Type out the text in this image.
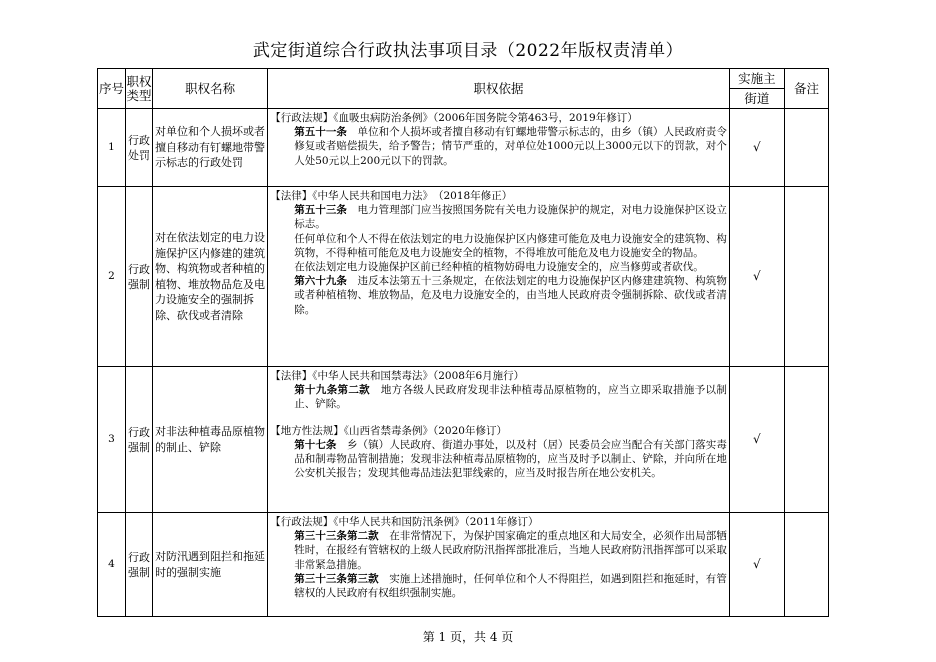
武定街道综合行政执法事项目录（2022年版权责清单）
序号	职权类型	职权名称	职权依据	实施主	备注
				街道	
1	行政处罚	对单位和个人损坏或者擅自移动有钉螺地带警示标志的行政处罚	【行政法规】《血吸虫病防治条例》（2006年国务院令第463号，2019年修订）

第五十一条　单位和个人损坏或者擅自移动有钉螺地带警示标志的，由乡（镇）人民政府责令修复或者赔偿损失，给予警告；情节严重的，对单位处1000元以上3000元以下的罚款，对个人处50元以上200元以下的罚款。	√	
2	行政强制	对在依法划定的电力设施保护区内修建的建筑物、构筑物或者种植的植物、堆放物品危及电力设施安全的强制拆除、砍伐或者清除	【法律】《中华人民共和国电力法》　（2018年修正）

第五十三条　电力管理部门应当按照国务院有关电力设施保护的规定，对电力设施保护区设立标志。

任何单位和个人不得在依法划定的电力设施保护区内修建可能危及电力设施安全的建筑物、构筑物，不得种植可能危及电力设施安全的植物，不得堆放可能危及电力设施安全的物品。

在依法划定电力设施保护区前已经种植的植物妨碍电力设施安全的，应当修剪或者砍伐。

第六十九条　违反本法第五十三条规定，在依法划定的电力设施保护区内修建建筑物、构筑物或者种植植物、堆放物品，危及电力设施安全的，由当地人民政府责令强制拆除、砍伐或者清除。	√	
3	行政强制	对非法种植毒品原植物的制止、铲除	【法律】《中华人民共和国禁毒法》（2008年6月施行）

第十九条第二款　地方各级人民政府发现非法种植毒品原植物的，应当立即采取措施予以制止、铲除。

【地方性法规】《山西省禁毒条例》（2020年修订）

第十七条　乡（镇）人民政府、街道办事处，以及村（居）民委员会应当配合有关部门落实毒品和制毒物品管制措施；发现非法种植毒品原植物的，应当及时予以制止、铲除，并向所在地公安机关报告；发现其他毒品违法犯罪线索的，应当及时报告所在地公安机关。	√	
4	行政强制	对防汛遇到阻拦和拖延时的强制实施	【行政法规】《中华人民共和国防汛条例》（2011年修订）

第三十三条第二款　在非常情况下，为保护国家确定的重点地区和大局安全，必须作出局部牺牲时，在报经有管辖权的上级人民政府防汛指挥部批准后，当地人民政府防汛指挥部可以采取非常紧急措施。

第三十三条第三款　实施上述措施时，任何单位和个人不得阻拦，如遇到阻拦和拖延时，有管辖权的人民政府有权组织强制实施。	√	
第 1 页，共 4 页
